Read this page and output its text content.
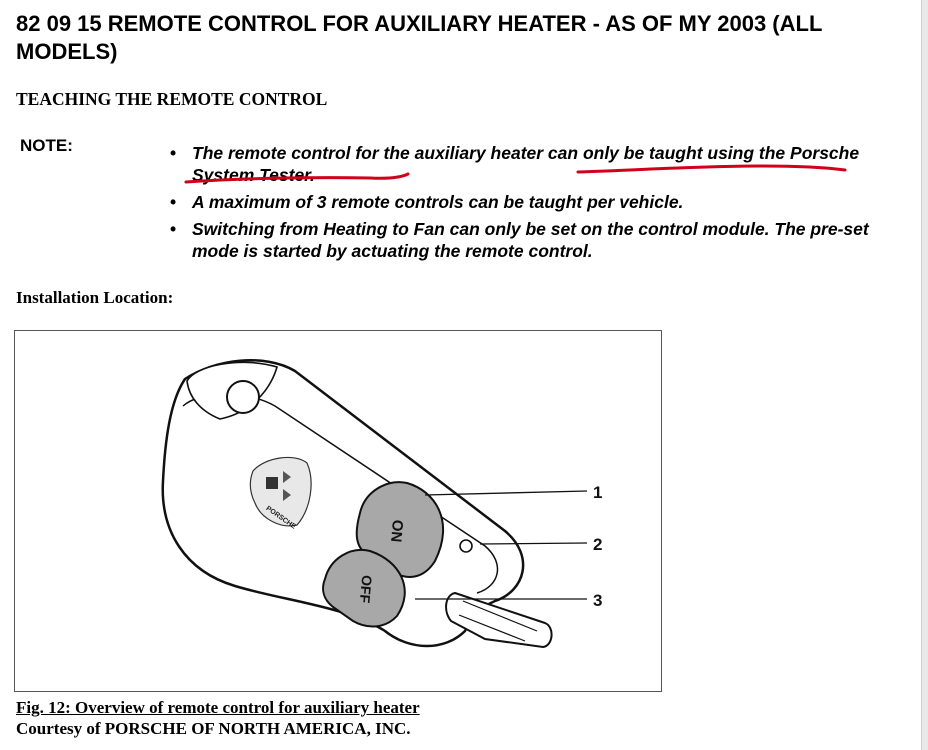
82 09 15 REMOTE CONTROL FOR AUXILIARY HEATER - AS OF MY 2003 (ALL MODELS)
TEACHING THE REMOTE CONTROL
NOTE:	• The remote control for the auxiliary heater can only be taught using the Porsche System Tester.
• A maximum of 3 remote controls can be taught per vehicle.
• Switching from Heating to Fan can only be set on the control module. The pre-set mode is started by actuating the remote control.
Installation Location:
PORSCHE
ON
OFF
1
2
3
Fig. 12: Overview of remote control for auxiliary heater
Courtesy of PORSCHE OF NORTH AMERICA, INC.
